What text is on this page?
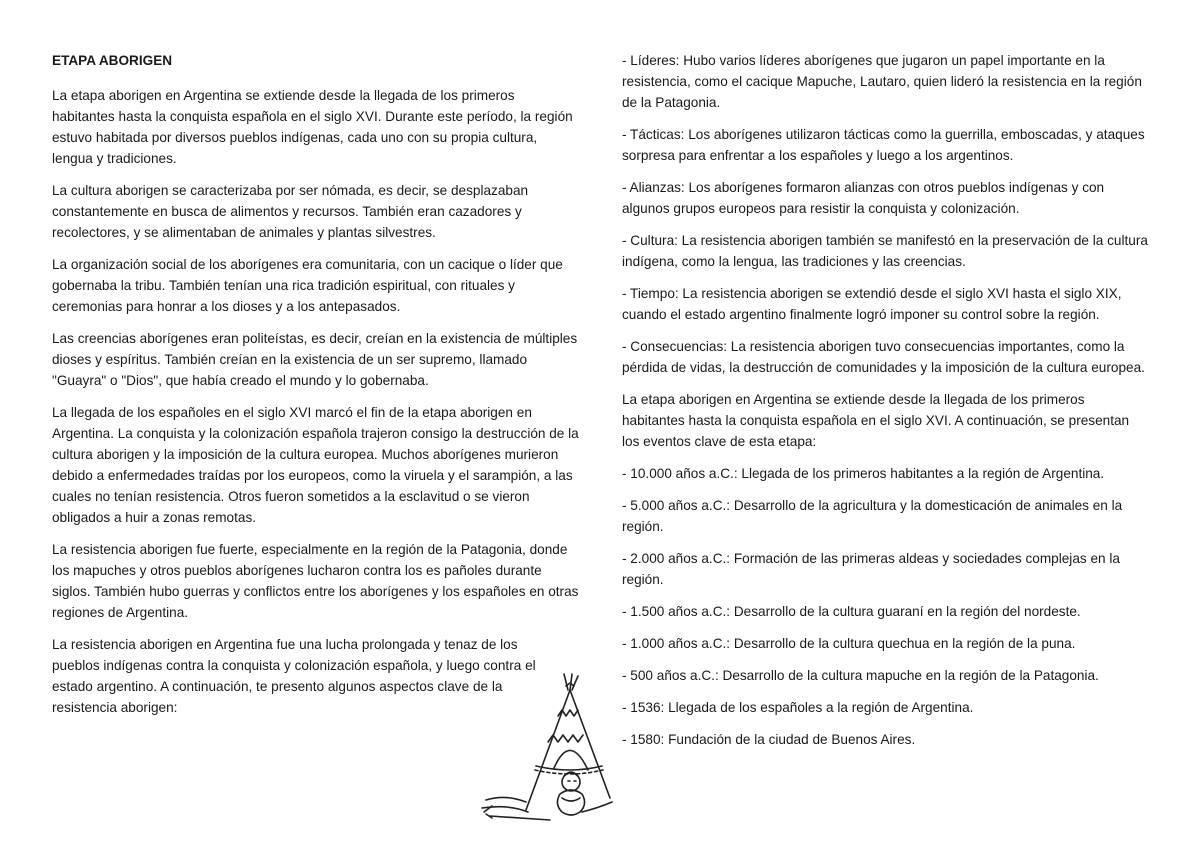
ETAPA ABORIGEN

La etapa aborigen en Argentina se extiende desde la llegada de los primeros habitantes hasta la conquista española en el siglo XVI. Durante este período, la región estuvo habitada por diversos pueblos indígenas, cada uno con su propia cultura, lengua y tradiciones.

La cultura aborigen se caracterizaba por ser nómada, es decir, se desplazaban constantemente en busca de alimentos y recursos. También eran cazadores y recolectores, y se alimentaban de animales y plantas silvestres.

La organización social de los aborígenes era comunitaria, con un cacique o líder que gobernaba la tribu. También tenían una rica tradición espiritual, con rituales y ceremonias para honrar a los dioses y a los antepasados.

Las creencias aborígenes eran politeístas, es decir, creían en la existencia de múltiples dioses y espíritus. También creían en la existencia de un ser supremo, llamado "Guayra" o "Dios", que había creado el mundo y lo gobernaba.

La llegada de los españoles en el siglo XVI marcó el fin de la etapa aborigen en Argentina. La conquista y la colonización española trajeron consigo la destrucción de la cultura aborigen y la imposición de la cultura europea. Muchos aborígenes murieron debido a enfermedades traídas por los europeos, como la viruela y el sarampión, a las cuales no tenían resistencia. Otros fueron sometidos a la esclavitud o se vieron obligados a huir a zonas remotas.

La resistencia aborigen fue fuerte, especialmente en la región de la Patagonia, donde los mapuches y otros pueblos aborígenes lucharon contra los es pañoles durante siglos. También hubo guerras y conflictos entre los aborígenes y los españoles en otras regiones de Argentina.

La resistencia aborigen en Argentina fue una lucha prolongada y tenaz de los pueblos indígenas contra la conquista y colonización española, y luego contra el estado argentino. A continuación, te presento algunos aspectos clave de la resistencia aborigen:

- Líderes: Hubo varios líderes aborígenes que jugaron un papel importante en la resistencia, como el cacique Mapuche, Lautaro, quien lideró la resistencia en la región de la Patagonia.

- Tácticas: Los aborígenes utilizaron tácticas como la guerrilla, emboscadas, y ataques sorpresa para enfrentar a los españoles y luego a los argentinos.

- Alianzas: Los aborígenes formaron alianzas con otros pueblos indígenas y con algunos grupos europeos para resistir la conquista y colonización.

- Cultura: La resistencia aborigen también se manifestó en la preservación de la cultura indígena, como la lengua, las tradiciones y las creencias.

- Tiempo: La resistencia aborigen se extendió desde el siglo XVI hasta el siglo XIX, cuando el estado argentino finalmente logró imponer su control sobre la región.

- Consecuencias: La resistencia aborigen tuvo consecuencias importantes, como la pérdida de vidas, la destrucción de comunidades y la imposición de la cultura europea.

La etapa aborigen en Argentina se extiende desde la llegada de los primeros habitantes hasta la conquista española en el siglo XVI. A continuación, se presentan los eventos clave de esta etapa:

- 10.000 años a.C.: Llegada de los primeros habitantes a la región de Argentina.

- 5.000 años a.C.: Desarrollo de la agricultura y la domesticación de animales en la región.

- 2.000 años a.C.: Formación de las primeras aldeas y sociedades complejas en la región.

- 1.500 años a.C.: Desarrollo de la cultura guaraní en la región del nordeste.

- 1.000 años a.C.: Desarrollo de la cultura quechua en la región de la puna.

- 500 años a.C.: Desarrollo de la cultura mapuche en la región de la Patagonia.

- 1536: Llegada de los españoles a la región de Argentina.

- 1580: Fundación de la ciudad de Buenos Aires.
